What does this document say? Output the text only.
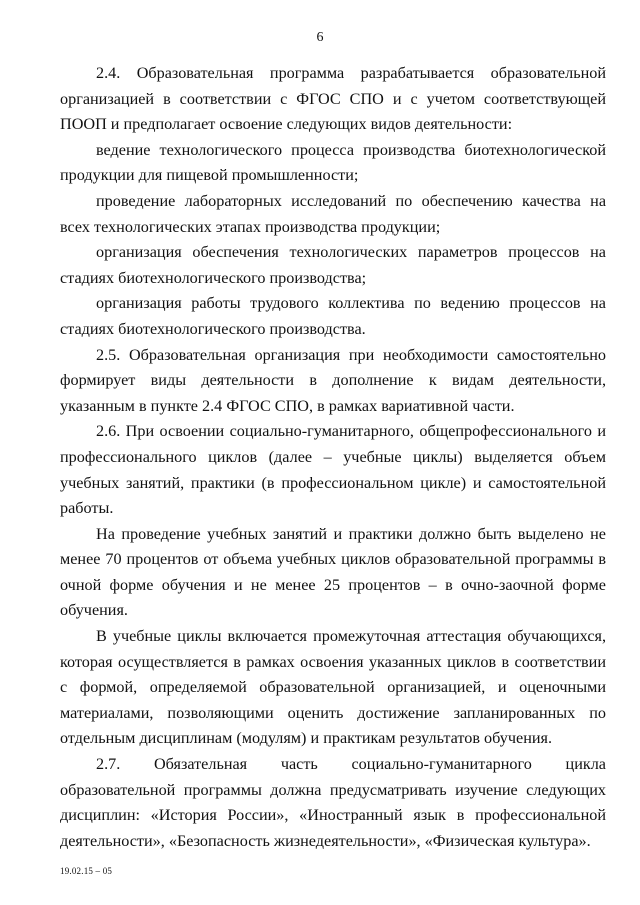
6

2.4. Образовательная программа разрабатывается образовательной организацией в соответствии с ФГОС СПО и с учетом соответствующей ПООП и предполагает освоение следующих видов деятельности:

ведение технологического процесса производства биотехнологической продукции для пищевой промышленности;

проведение лабораторных исследований по обеспечению качества на всех технологических этапах производства продукции;

организация обеспечения технологических параметров процессов на стадиях биотехнологического производства;

организация работы трудового коллектива по ведению процессов на стадиях биотехнологического производства.

2.5. Образовательная организация при необходимости самостоятельно формирует виды деятельности в дополнение к видам деятельности, указанным в пункте 2.4 ФГОС СПО, в рамках вариативной части.

2.6. При освоении социально-гуманитарного, общепрофессионального и профессионального циклов (далее – учебные циклы) выделяется объем учебных занятий, практики (в профессиональном цикле) и самостоятельной работы.

На проведение учебных занятий и практики должно быть выделено не менее 70 процентов от объема учебных циклов образовательной программы в очной форме обучения и не менее 25 процентов – в очно-заочной форме обучения.

В учебные циклы включается промежуточная аттестация обучающихся, которая осуществляется в рамках освоения указанных циклов в соответствии с формой, определяемой образовательной организацией, и оценочными материалами, позволяющими оценить достижение запланированных по отдельным дисциплинам (модулям) и практикам результатов обучения.

2.7. Обязательная часть социально-гуманитарного цикла образовательной программы должна предусматривать изучение следующих дисциплин: «История России», «Иностранный язык в профессиональной деятельности», «Безопасность жизнедеятельности», «Физическая культура».

19.02.15 – 05
